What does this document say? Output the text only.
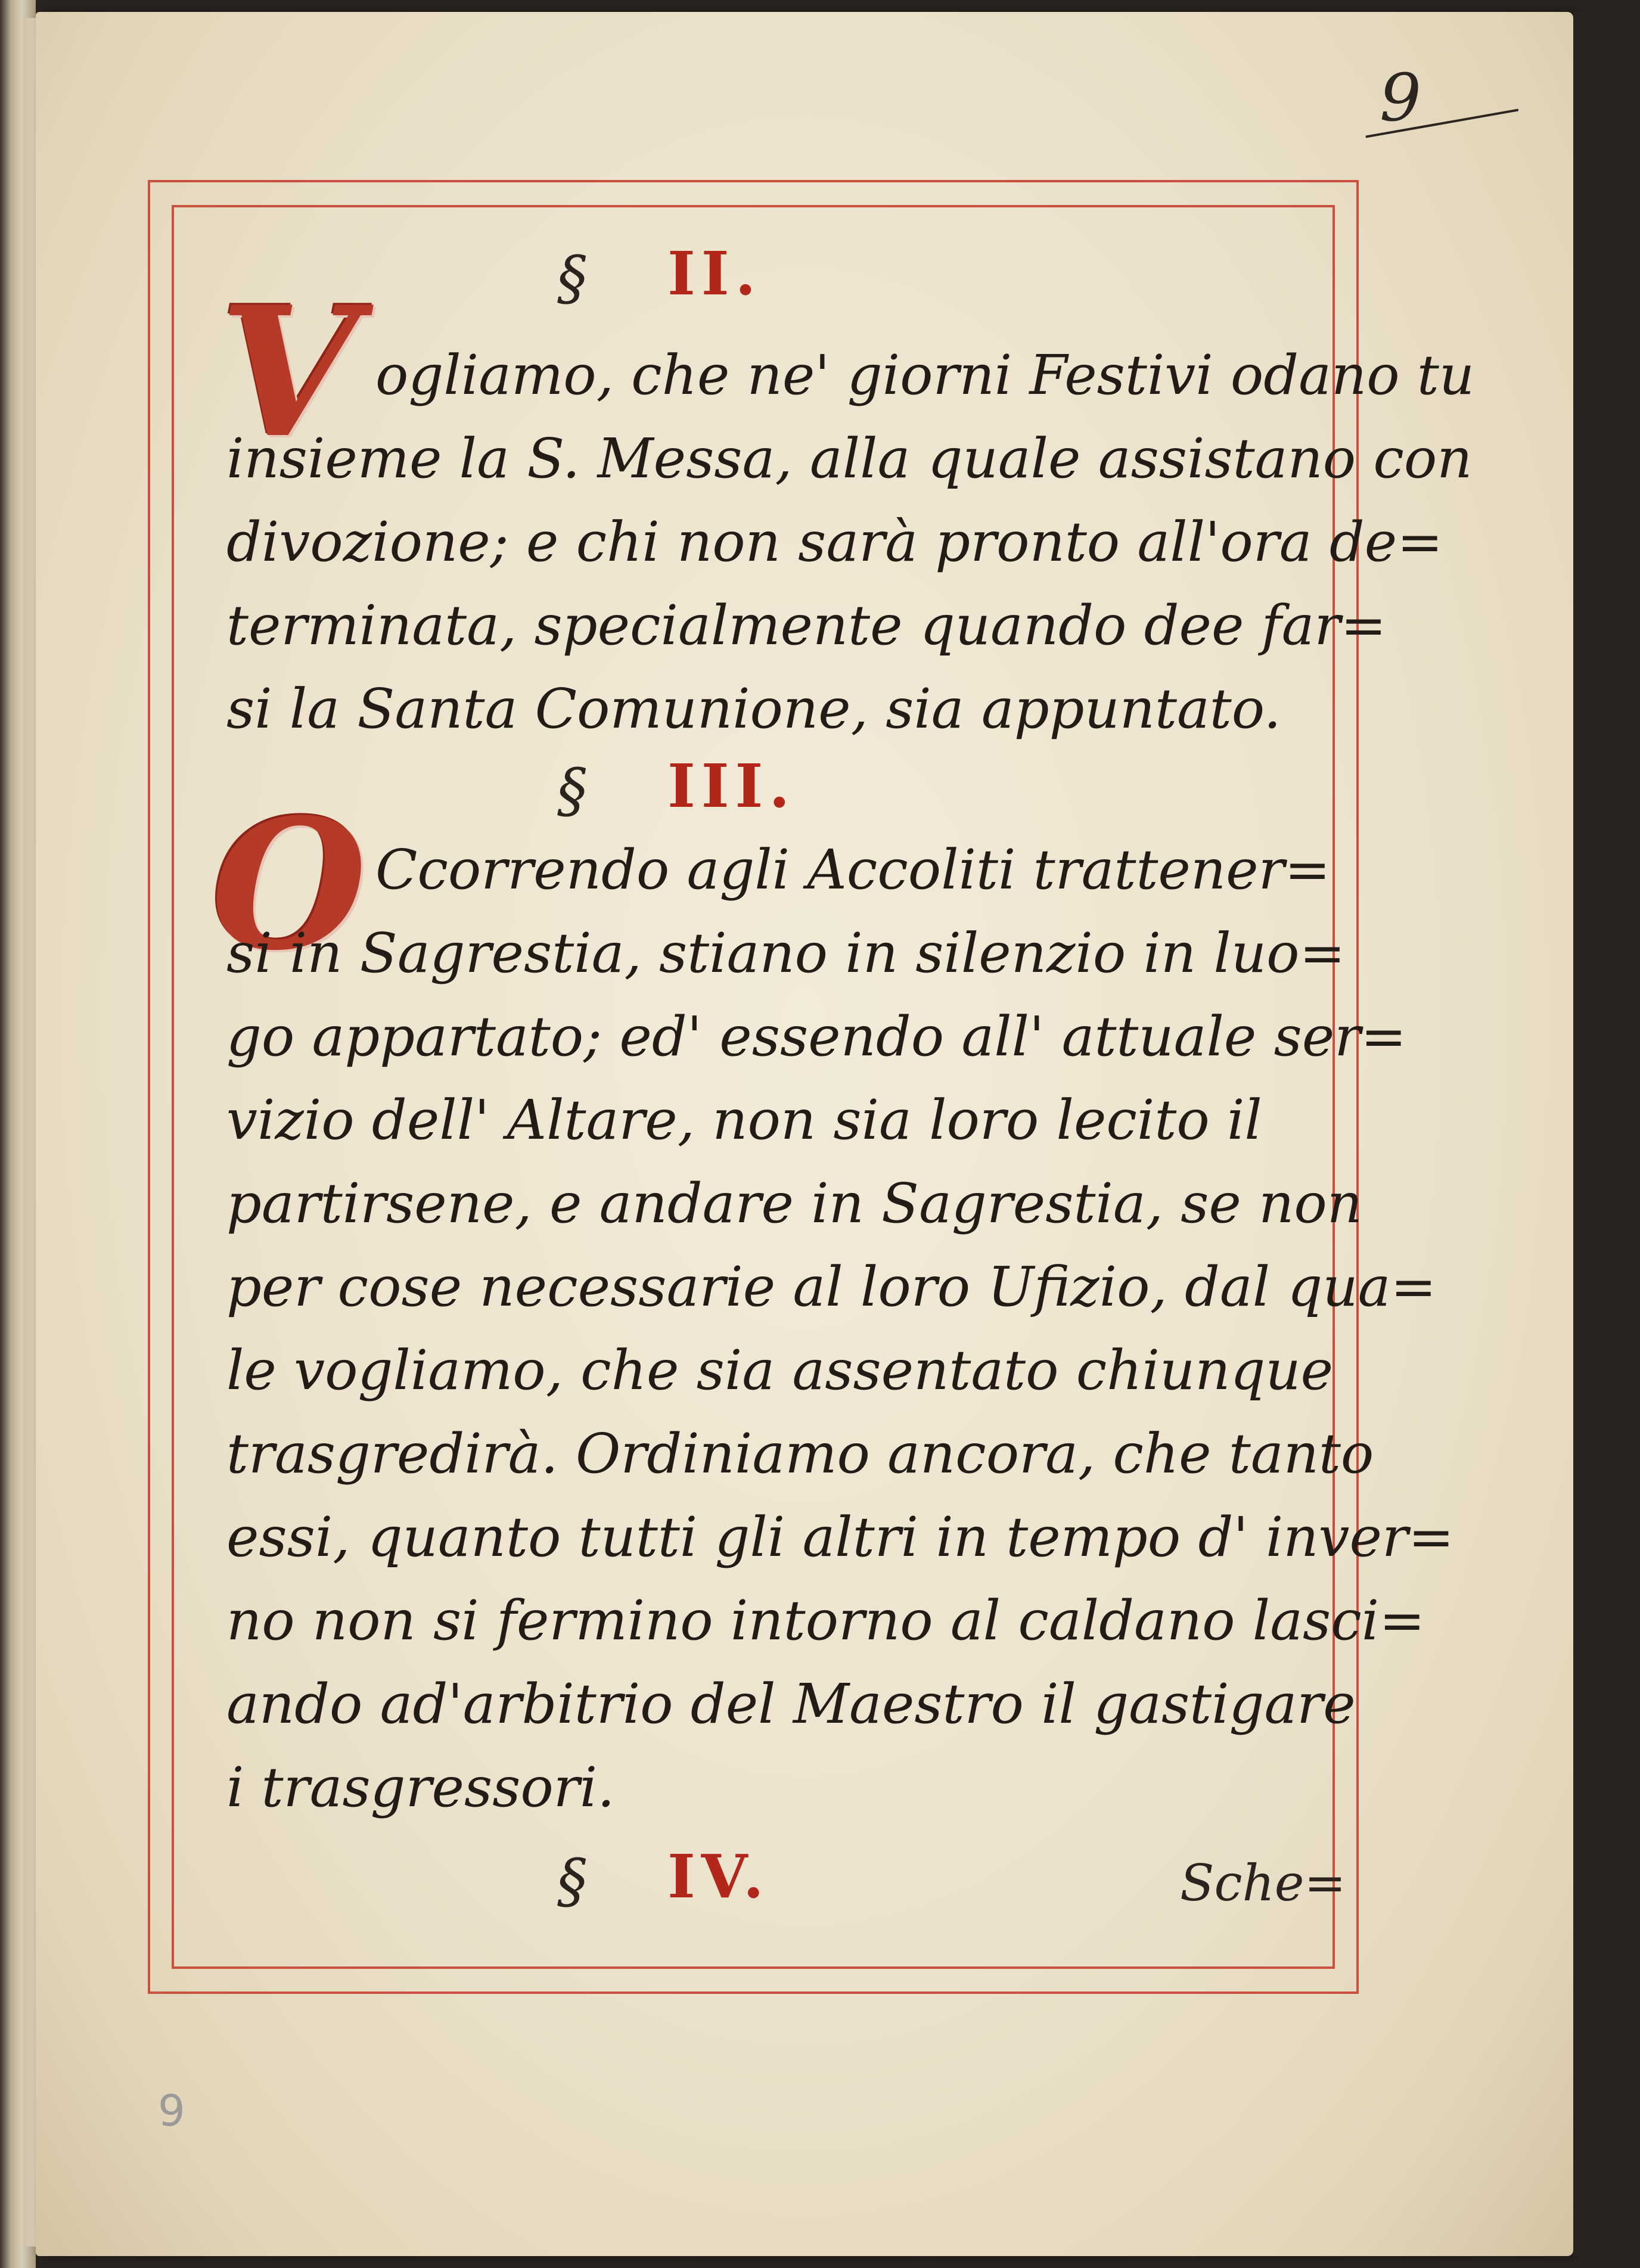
9
§	II.
V ogliamo, che ne' giorni Festivi odano tu
insieme la S. Messa, alla quale assistano con
divozione; e chi non sarà pronto all'ora de=
terminata, specialmente quando dee far=
si la Santa Comunione, sia appuntato.
§	III.
O Ccorrendo agli Accoliti trattener=
si in Sagrestia, stiano in silenzio in luo=
go appartato; ed' essendo all' attuale ser=
vizio dell' Altare, non sia loro lecito il
partirsene, e andare in Sagrestia, se non
per cose necessarie al loro Ufizio, dal qua=
le vogliamo, che sia assentato chiunque
trasgredirà. Ordiniamo ancora, che tanto
essi, quanto tutti gli altri in tempo d' inver=
no non si fermino intorno al caldano lasci=
ando ad'arbitrio del Maestro il gastigare
i trasgressori.
§	IV.	Sche=
9
